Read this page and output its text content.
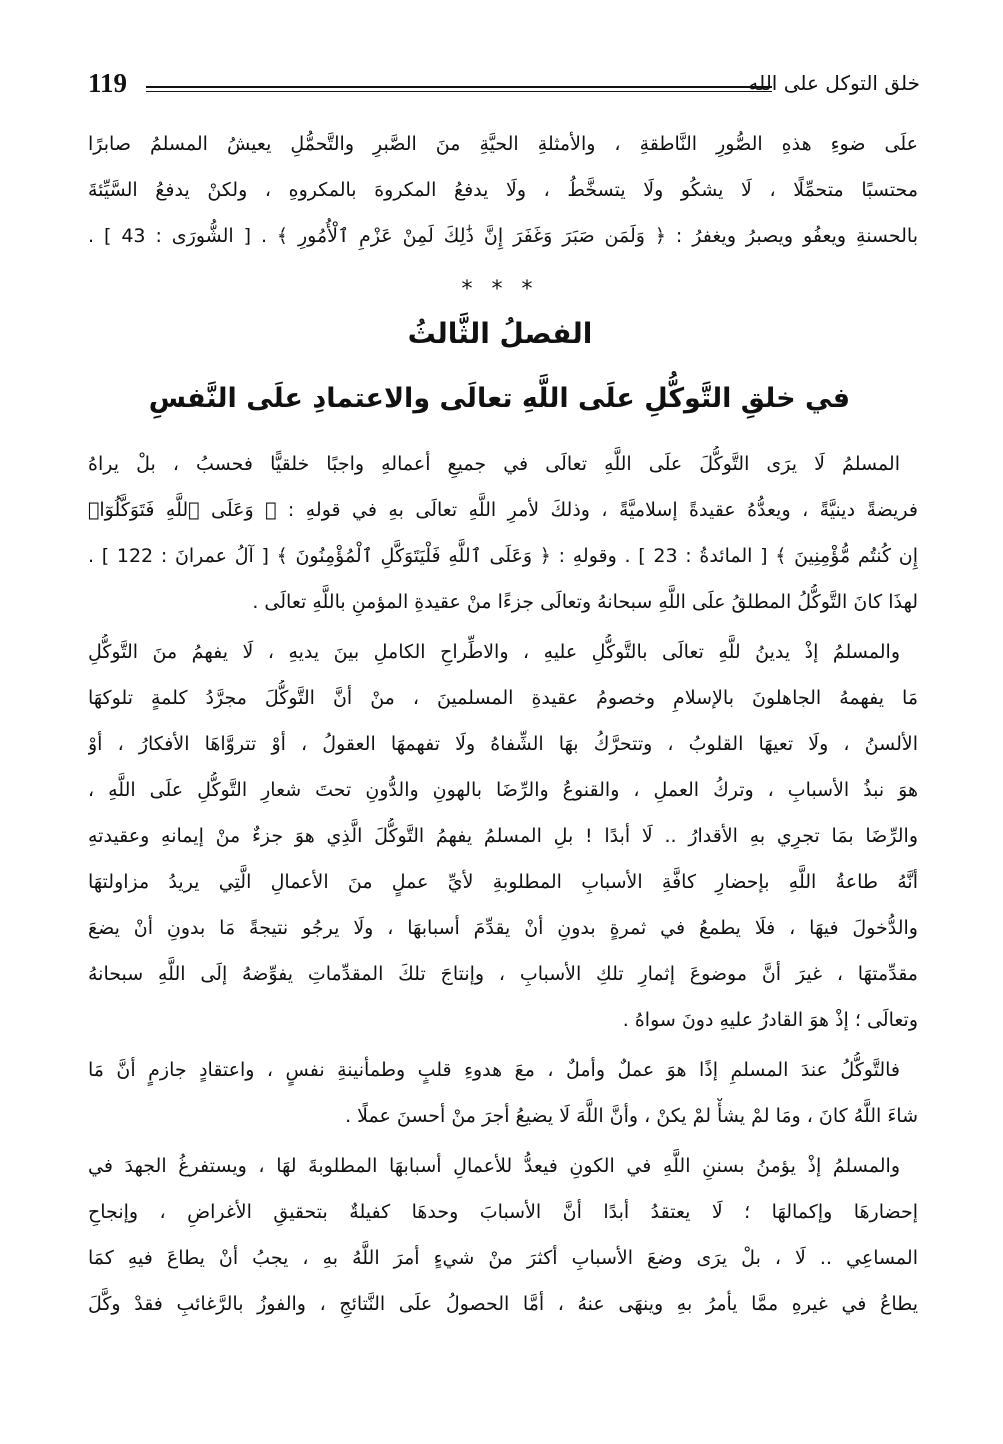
119	خلق التوكل على الله
علَى ضوءِ هذهِ الصُّورِ النَّاطقةِ ، والأمثلةِ الحيَّةِ منَ الصَّبرِ والتَّحمُّلِ يعيشُ المسلمُ صابرًا
محتسبًا متحمِّلًا ، لَا يشكُو ولَا يتسخَّطُ ، ولَا يدفعُ المكروهَ بالمكروهِ ، ولكنْ يدفعُ السَّيِّئةَ
بالحسنةِ ويعفُو ويصبرُ ويغفرُ : ﴿ وَلَمَن صَبَرَ وَغَفَرَ إِنَّ ذَٰلِكَ لَمِنْ عَزْمِ ٱلْأُمُورِ ﴾ . [ الشُّورَى : 43 ] .
* * *
الفصلُ الثَّالثُ
في خلقِ التَّوكُّلِ علَى اللَّهِ تعالَى والاعتمادِ علَى النَّفسِ
المسلمُ لَا يرَى التَّوكُّلَ علَى اللَّهِ تعالَى في جميعِ أعمالهِ واجبًا خلقيًّا فحسبُ ، بلْ يراهُ
فريضةً دينيَّةً ، ويعدُّهُ عقيدةً إسلاميَّةً ، وذلكَ لأمرِ اللَّهِ تعالَى بهِ في قولهِ : ﴿ وَعَلَى ٱللَّهِ فَتَوَكَّلُوٓا۟
إِن كُنتُم مُّؤْمِنِينَ ﴾ [ المائدةُ : 23 ] . وقولهِ : ﴿ وَعَلَى ٱللَّهِ فَلْيَتَوَكَّلِ ٱلْمُؤْمِنُونَ ﴾ [ آلُ عمرانَ : 122 ] .
لهذَا كانَ التَّوكُّلُ المطلقُ علَى اللَّهِ سبحانهُ وتعالَى جزءًا منْ عقيدةِ المؤمنِ باللَّهِ تعالَى .
والمسلمُ إذْ يدينُ للَّهِ تعالَى بالتَّوكُّلِ عليهِ ، والاطِّراحِ الكاملِ بينَ يديهِ ، لَا يفهمُ منَ التَّوكُّلِ
مَا يفهمهُ الجاهلونَ بالإسلامِ وخصومُ عقيدةِ المسلمينَ ، منْ أنَّ التَّوكُّلَ مجرَّدُ كلمةٍ تلوكهَا
الألسنُ ، ولَا تعيهَا القلوبُ ، وتتحرَّكُ بهَا الشِّفاهُ ولَا تفهمهَا العقولُ ، أوْ تتروَّاهَا الأفكارُ ، أوْ
هوَ نبذُ الأسبابِ ، وتركُ العملِ ، والقنوعُ والرِّضَا بالهونِ والدُّونِ تحتَ شعارِ التَّوكُّلِ علَى اللَّهِ ،
والرِّضَا بمَا تجرِي بهِ الأقدارُ .. لَا أبدًا ! بلِ المسلمُ يفهمُ التَّوكُّلَ الَّذِي هوَ جزءٌ منْ إيمانهِ وعقيدتهِ
أنَّهُ طاعةُ اللَّهِ بإحضارِ كافَّةِ الأسبابِ المطلوبةِ لأيِّ عملٍ منَ الأعمالِ الَّتِي يريدُ مزاولتهَا
والدُّخولَ فيهَا ، فلَا يطمعُ في ثمرةٍ بدونِ أنْ يقدِّمَ أسبابهَا ، ولَا يرجُو نتيجةً مَا بدونِ أنْ يضعَ
مقدِّمتهَا ، غيرَ أنَّ موضوعَ إثمارِ تلكِ الأسبابِ ، وإنتاجَ تلكَ المقدِّماتِ يفوِّضهُ إلَى اللَّهِ سبحانهُ
وتعالَى ؛ إذْ هوَ القادرُ عليهِ دونَ سواهُ .
فالتَّوكُّلُ عندَ المسلمِ إذًا هوَ عملٌ وأملٌ ، معَ هدوءِ قلبٍ وطمأنينةِ نفسٍ ، واعتقادٍ جازمٍ أنَّ مَا
شاءَ اللَّهُ كانَ ، ومَا لمْ يشأْ لمْ يكنْ ، وأنَّ اللَّهَ لَا يضيعُ أجرَ منْ أحسنَ عملًا .
والمسلمُ إذْ يؤمنُ بسننِ اللَّهِ في الكونِ فيعدُّ للأعمالِ أسبابهَا المطلوبةَ لهَا ، ويستفرغُ الجهدَ في
إحضارهَا وإكمالهَا ؛ لَا يعتقدُ أبدًا أنَّ الأسبابَ وحدهَا كفيلةٌ بتحقيقِ الأغراضِ ، وإنجاحِ
المساعِي .. لَا ، بلْ يرَى وضعَ الأسبابِ أكثرَ منْ شيءٍ أمرَ اللَّهُ بهِ ، يجبُ أنْ يطاعَ فيهِ كمَا
يطاعُ في غيرهِ ممَّا يأمرُ بهِ وينهَى عنهُ ، أمَّا الحصولُ علَى النَّتائجِ ، والفوزُ بالرَّغائبِ فقدْ وكَّلَ
